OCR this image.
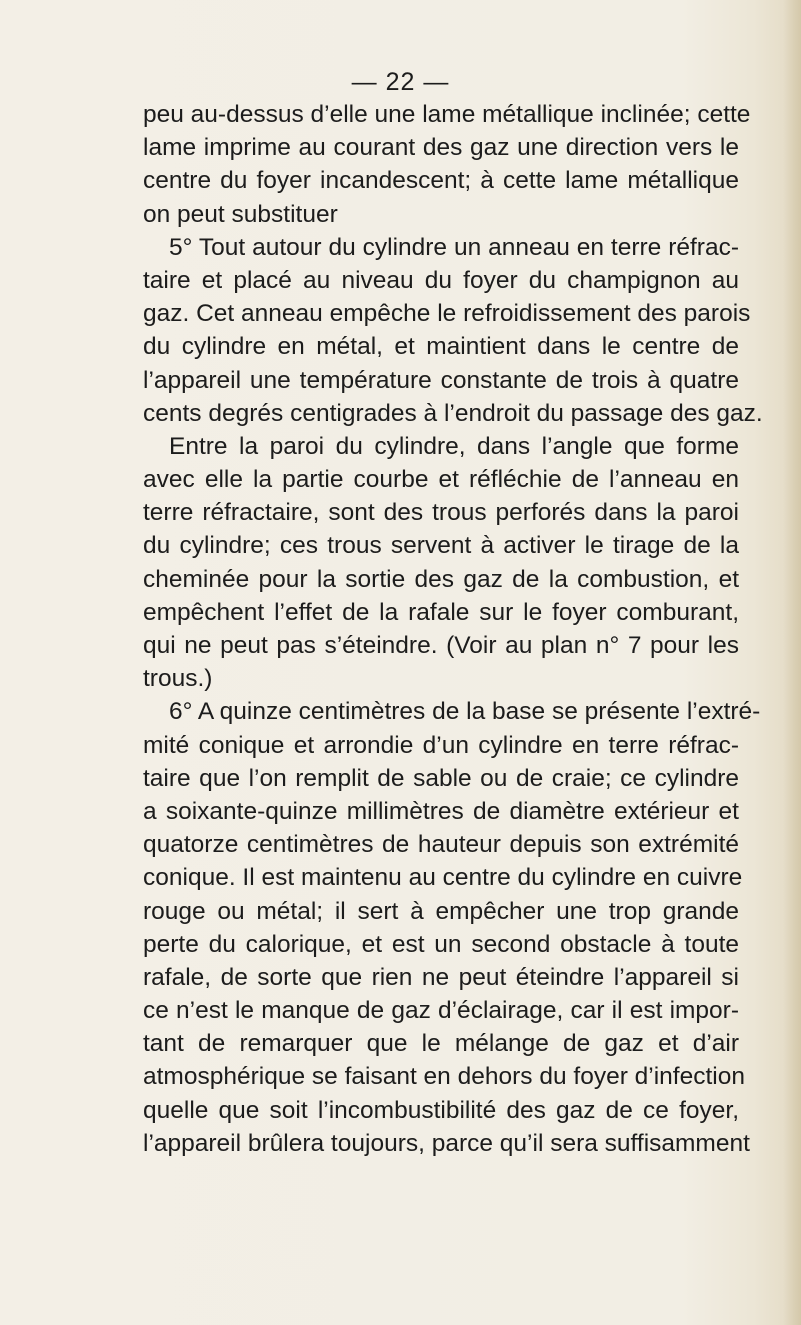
— 22 —
peu au-dessus d’elle une lame métallique inclinée; cette
lame imprime au courant des gaz une direction vers le
centre du foyer incandescent; à cette lame métallique
on peut substituer
5° Tout autour du cylindre un anneau en terre réfrac-
taire et placé au niveau du foyer du champignon au
gaz. Cet anneau empêche le refroidissement des parois
du cylindre en métal, et maintient dans le centre de
l’appareil une température constante de trois à quatre
cents degrés centigrades à l’endroit du passage des gaz.
Entre la paroi du cylindre, dans l’angle que forme
avec elle la partie courbe et réfléchie de l’anneau en
terre réfractaire, sont des trous perforés dans la paroi
du cylindre; ces trous servent à activer le tirage de la
cheminée pour la sortie des gaz de la combustion, et
empêchent l’effet de la rafale sur le foyer comburant,
qui ne peut pas s’éteindre. (Voir au plan n° 7 pour les
trous.)
6° A quinze centimètres de la base se présente l’extré-
mité conique et arrondie d’un cylindre en terre réfrac-
taire que l’on remplit de sable ou de craie; ce cylindre
a soixante-quinze millimètres de diamètre extérieur et
quatorze centimètres de hauteur depuis son extrémité
conique. Il est maintenu au centre du cylindre en cuivre
rouge ou métal; il sert à empêcher une trop grande
perte du calorique, et est un second obstacle à toute
rafale, de sorte que rien ne peut éteindre l’appareil si
ce n’est le manque de gaz d’éclairage, car il est impor-
tant de remarquer que le mélange de gaz et d’air
atmosphérique se faisant en dehors du foyer d’infection
quelle que soit l’incombustibilité des gaz de ce foyer,
l’appareil brûlera toujours, parce qu’il sera suffisamment
